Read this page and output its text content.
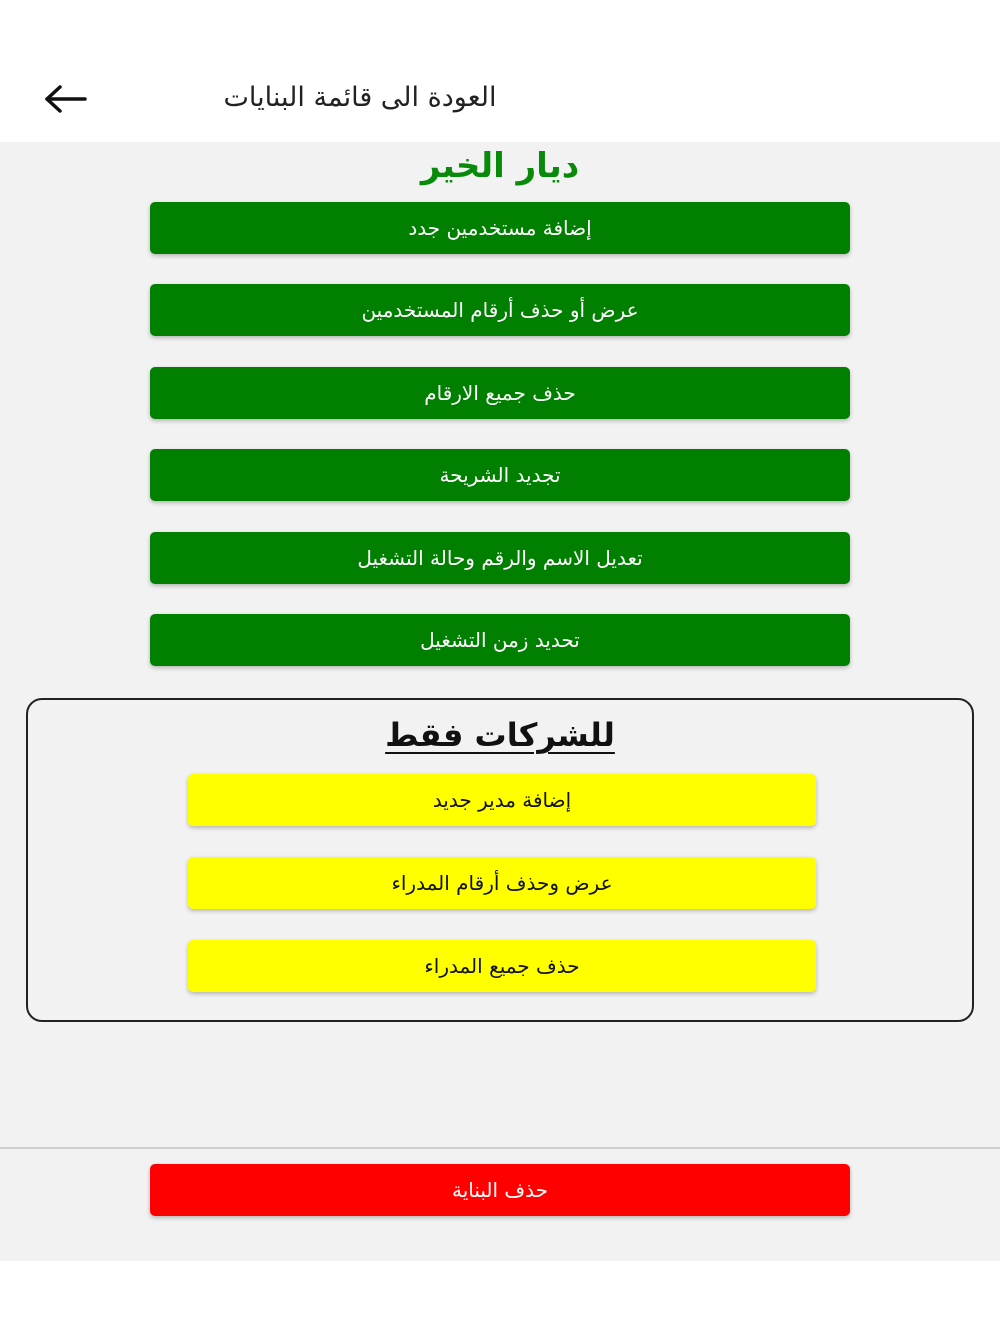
العودة الى قائمة البنايات
ديار الخير
إضافة مستخدمين جدد
عرض أو حذف أرقام المستخدمين
حذف جميع الارقام
تجديد الشريحة
تعديل الاسم والرقم وحالة التشغيل
تحديد زمن التشغيل
للشركات فقط
إضافة مدير جديد
عرض وحذف أرقام المدراء
حذف جميع المدراء
حذف البناية
